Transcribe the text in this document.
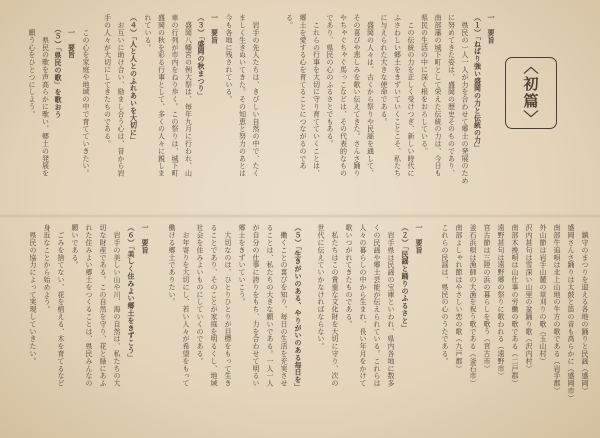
〈初篇〉

一　要旨

（１）「ねばり強い盛岡の力と伝統の力」

　県民の一人一人が力を合わせて郷土の発展のため

に努めてきた姿は、盛岡の歴史そのものであり、

南部藩の城下町として栄えた伝統の力は、今日も

県民の生活の中に深く根をおろしている。

　この伝統の力を正しく受けつぎ、新しい時代に

ふさわしい郷土をきずいていくことこそ、私たち

に与えられた大きな使命である。

　盛岡の人々は、古くから祭りや民謡を通して、

その喜びや悲しみを歌い伝えてきた。さんさ踊り

やちゃぐちゃぐ馬っこなどは、その代表的なもの

であり、県民の心のふるさとでもある。

　これらの行事を大切に守り育てていくことは、

郷土を愛する心を育てることにつながるのであ

る。

　岩手の先人たちは、きびしい自然の中で、たく

ましく生きぬいてきた。その知恵と努力のあとは

今も各地に残されている。

一　要旨

（３）「盛岡の秋まつり」

　盛岡八幡宮の例大祭は、毎年九月に行われ、山

車の行列が市内をねり歩く。この祭りは、城下町

盛岡の秋を彩る行事として、多くの人々に親しま

れている。

（４）「人と人とのふれあいを大切に」

　お互いに助け合い、励まし合う心は、昔から岩

手の人々が大切にしてきたものである。

　　この心を家庭や地域の中で育てていきたい。

　　一　要旨

　　（５）「県民の歌」を歌おう

　　　県民の歌を声高らかに歌い、郷土の発展を

　　願う心をひとつにしよう。

　鎮守のまつりを迎える各地の踊りと民謡（盛岡）

盛岡さんさ踊りは太鼓と笛の音も高らかに（盛岡市）

南部牛追唄は北上山地の牛方の歌である（岩手郡）

外山節は岩手山麓の草刈りの歌（玉山村）

沢内甚句は雪深い山里の盆踊り歌（沢内村）

南部木挽唄は山仕事の労働の歌である（二戸郡）

遠野甚句は遠野郷の祭りに歌われる（遠野市）

宮古節は三陸の浜の暮らしを歌う（宮古市）

釜石浜唄は漁師の大漁を祝う歌である（釜石市）

南部よしゃれ節はやさしい恋の歌（九戸郡）

これらの民謡は、県民の心のうたである。

一　要旨

（２）「民謡と踊りのふるさと」

　岩手県は民謡の宝庫といわれ、県内各地に数多

くの民謡や郷土芸能が伝えられている。これらは

人々の暮らしの中から生まれ、長い年月をかけて

歌いつがれてきたものである。

　私たちはこの貴重な文化財を大切に守り、次の

世代に伝えていかなければならない。

（５）「生きがいのある、やりがいのある毎日を」

　働くことの喜びを知り、毎日の生活を充実させ

ることは、私たちの大きな願いである。一人一人

が自分の仕事に誇りをもち、力を合わせて明るい

郷土をきずいていこう。

　大切なのは、ひとりひとりが目標をもって生き

ることであり、そのことが家庭を明るくし、地域

社会を住みよいものにしていくのである。

　お年寄りを大切にし、若い人々が希望をもって

働ける郷土でありたい。

一　要旨

（６）「美しく住みよい郷土をきずこう」

　岩手の美しい山や川、海の自然は、私たちの大

切な財産である。この自然を守り、花と緑にあふ

れた住みよい郷土をつくることは、県民みんなの

願いである。

　ごみを捨てない、花を植える、木を育てるなど

身近なことから始めよう。

　県民の協力によって実現していきたい。
